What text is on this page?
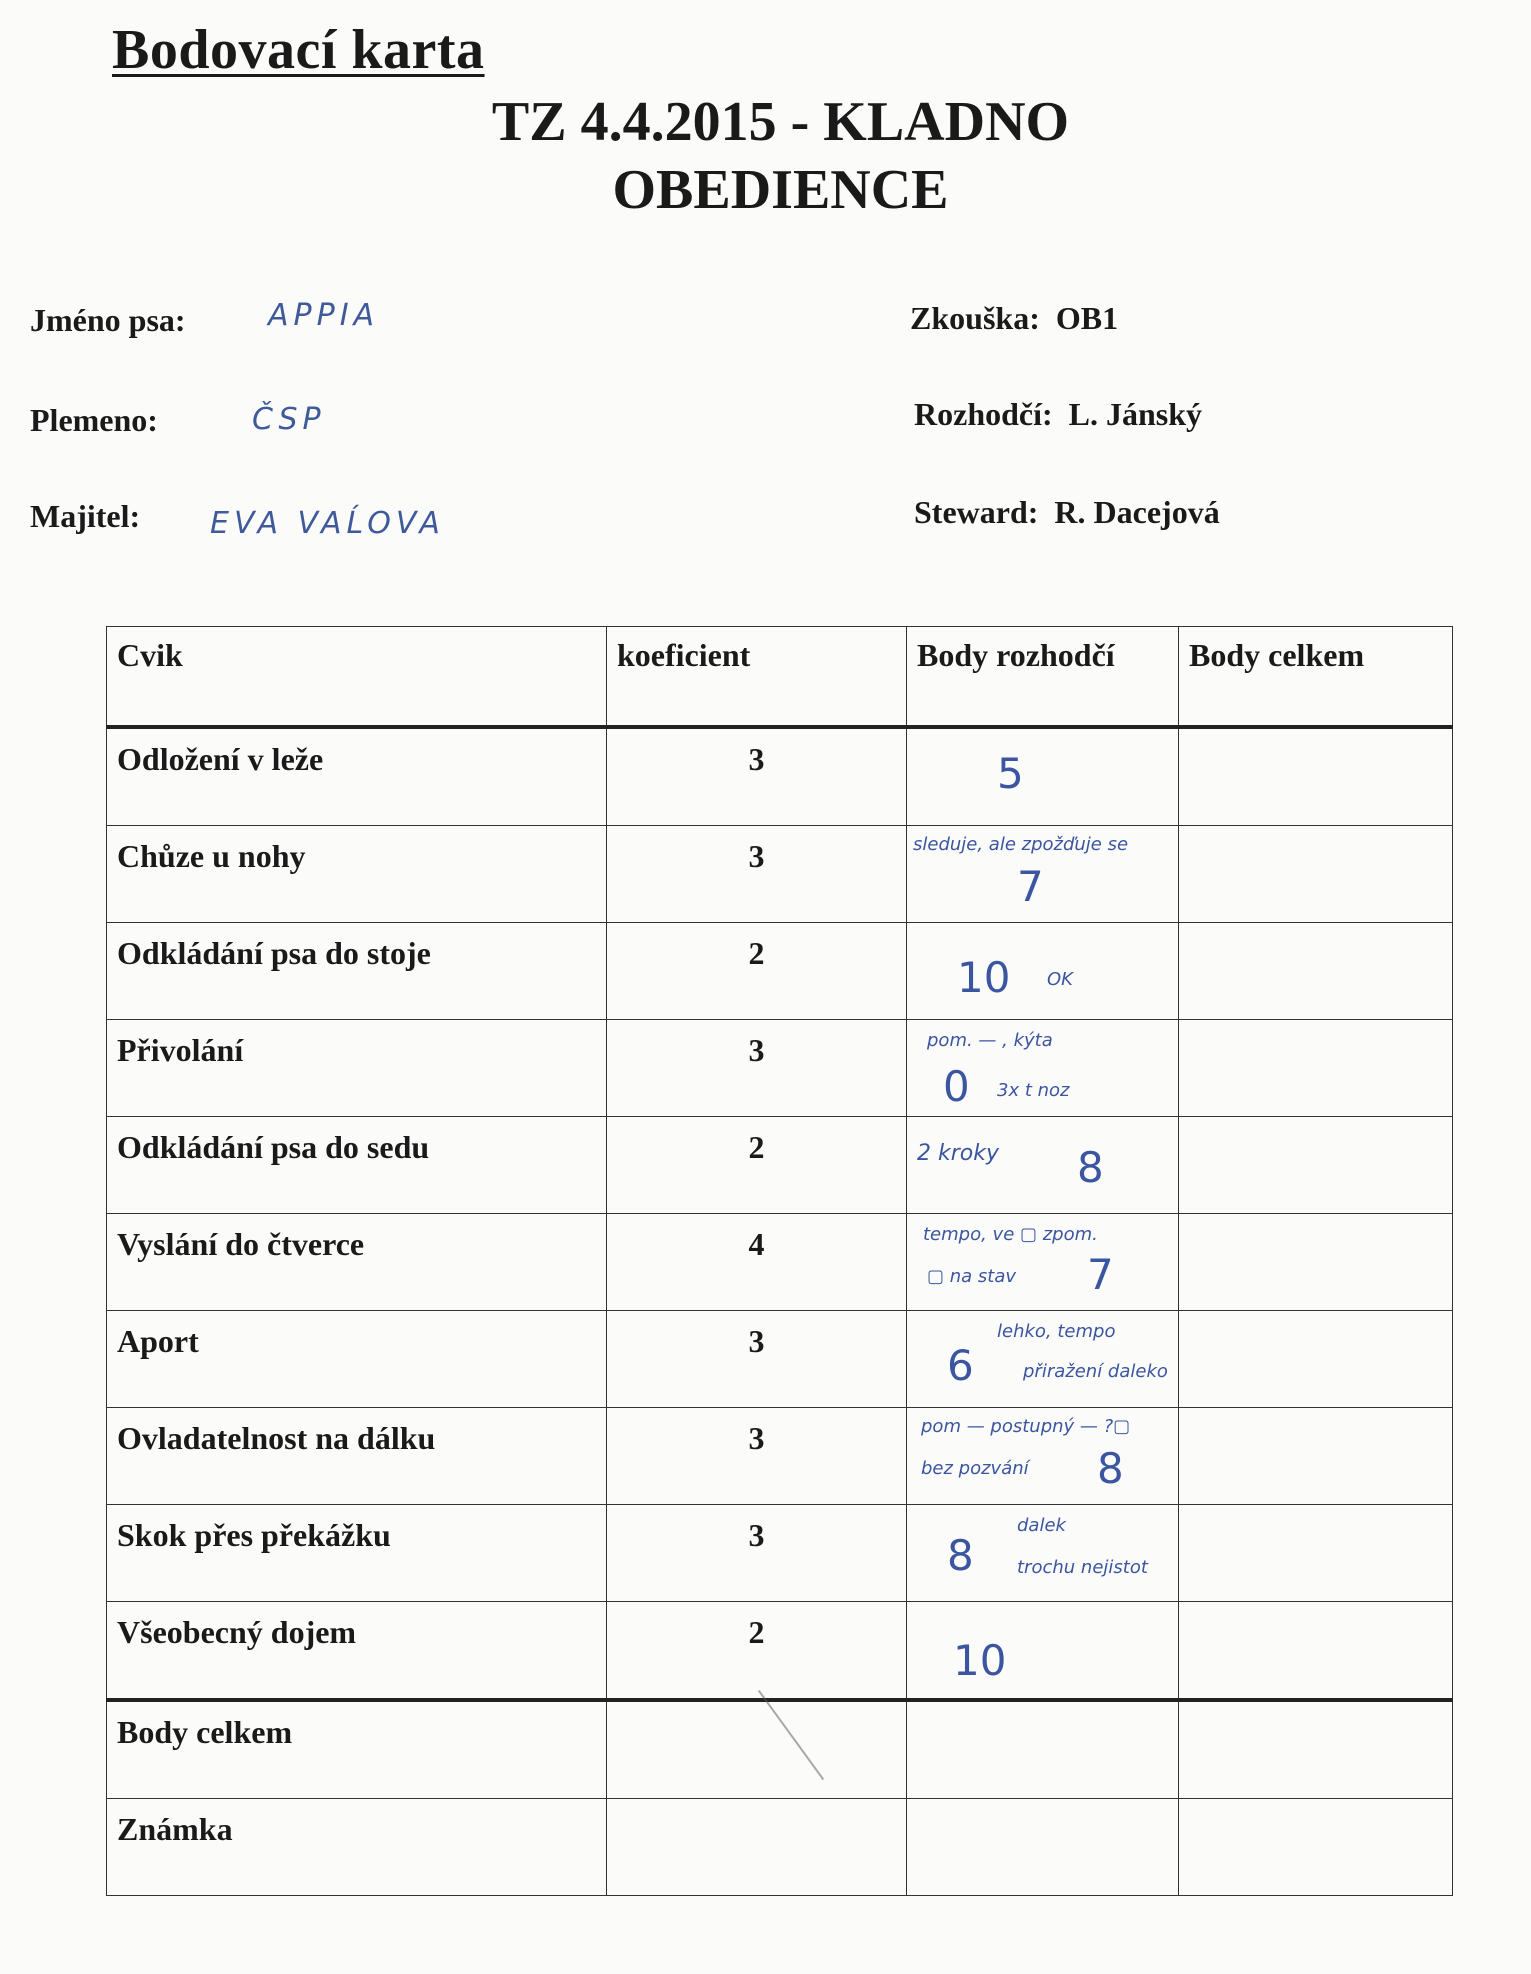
Bodovací karta
TZ 4.4.2015 - KLADNO
OBEDIENCE
Jméno psa:	APPIA
Plemeno:	ČSP
Majitel: EVA VAĹOVA
Zkouška: OB1
Rozhodčí: L. Jánský
Steward: R. Dacejová
Cvik	koeficient	Body rozhodčí	Body celkem

Odložení v leže	3	5	

Chůze u nohy	3	sleduje, ale zpožďuje se
7	

Odkládání psa do stoje	2	10 OK	

Přivolání	3	pom. — , kýta
0 3x t noz	

Odkládání psa do sedu	2	2 kroky 8	

Vyslání do čtverce	4	tempo, ve ▢ zpom.
▢ na stav 7	

Aport	3	6
lehko, tempo
přiražení daleko	

Ovladatelnost na dálku	3	pom — postupný — ?▢
bez pozvání 8	

Skok přes překážku	3	8
dalek
trochu nejistot	

Všeobecný dojem	2	10	

Body celkem			

Známka			
